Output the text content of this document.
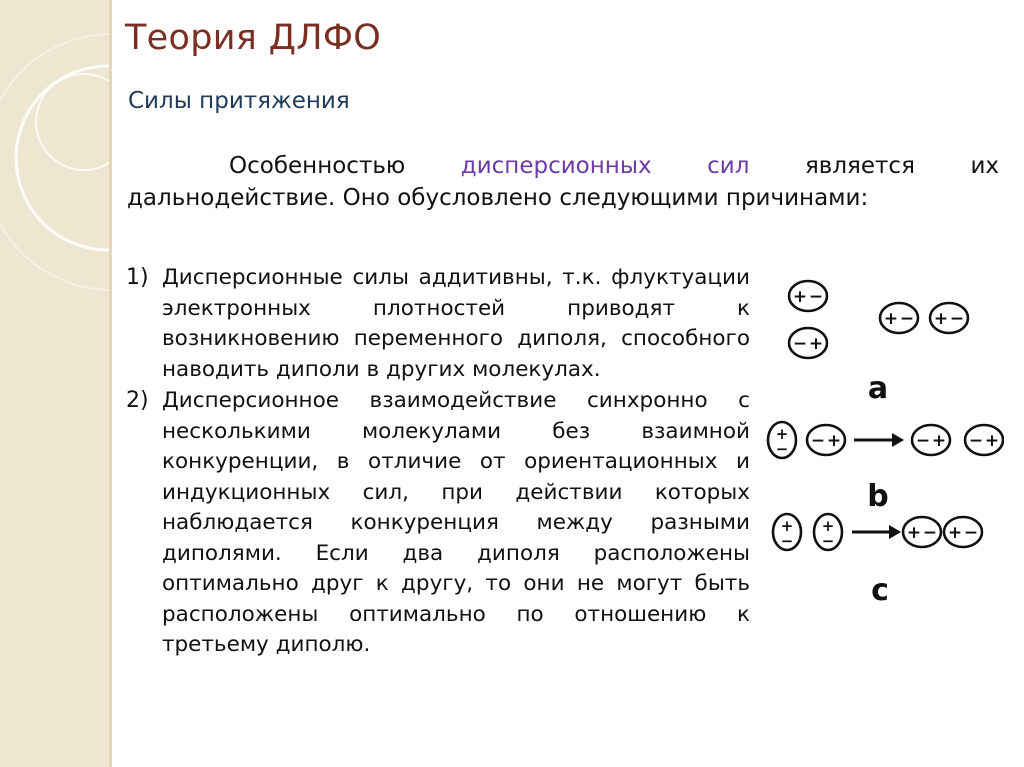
Теория ДЛФО
Силы притяжения
Особенностью дисперсионных сил является их дальнодействие. Оно обусловлено следующими причинами:
1) Дисперсионные силы аддитивны, т.к. флуктуации электронных плотностей приводят к возникновению переменного диполя, способного наводить диполи в других молекулах.
2) Дисперсионное взаимодействие синхронно с несколькими молекулами без взаимной конкуренции, в отличие от ориентационных и индукционных сил, при действии которых наблюдается конкуренция между разными диполями. Если два диполя расположены оптимально друг к другу, то они не могут быть расположены оптимально по отношению к третьему диполю.
+ −
− +
+ − + −
a
+
− − +	− + − +
b
+
−
+
−	+ − + −
c
